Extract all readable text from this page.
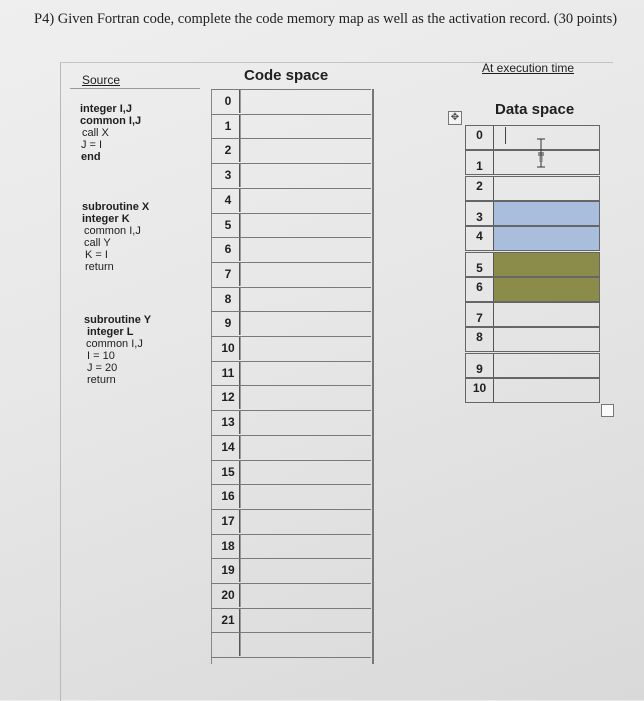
P4) Given Fortran code, complete the code memory map as well as the activation record. (30 points)
Source
integer I,J
common I,J
call X
J = I
end
subroutine X
integer K
common I,J
call Y
K = I
return
subroutine Y
integer L
common I,J
I = 10
J = 20
return
Code space
0
1
2
3
4
5
6
7
8
9
10
11
12
13
14
15
16
17
18
19
20
21
At execution time
Data space
✥
0
1
2
3
4
5
6
7
8
9
10
